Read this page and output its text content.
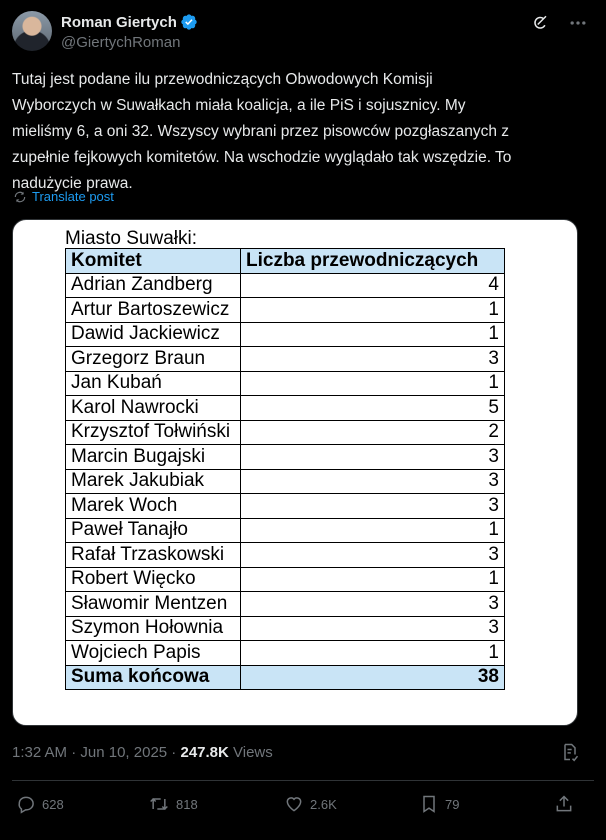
Roman Giertych
@GiertychRoman
Tutaj jest podane ilu przewodniczących Obwodowych Komisji
Wyborczych w Suwałkach miała koalicja, a ile PiS i sojusznicy. My
mieliśmy 6, a oni 32. Wszyscy wybrani przez pisowców pozgłaszanych z
zupełnie fejkowych komitetów. Na wschodzie wyglądało tak wszędzie. To
nadużycie prawa.
Translate post
Miasto Suwałki:
Komitet	Liczba przewodniczących
Adrian Zandberg	4
Artur Bartoszewicz	1
Dawid Jackiewicz	1
Grzegorz Braun	3
Jan Kubań	1
Karol Nawrocki	5
Krzysztof Tołwiński	2
Marcin Bugajski	3
Marek Jakubiak	3
Marek Woch	3
Paweł Tanajło	1
Rafał Trzaskowski	3
Robert Więcko	1
Sławomir Mentzen	3
Szymon Hołownia	3
Wojciech Papis	1
Suma końcowa	38
1:32 AM · Jun 10, 2025 · 247.8K Views
628	818	2.6K	79
